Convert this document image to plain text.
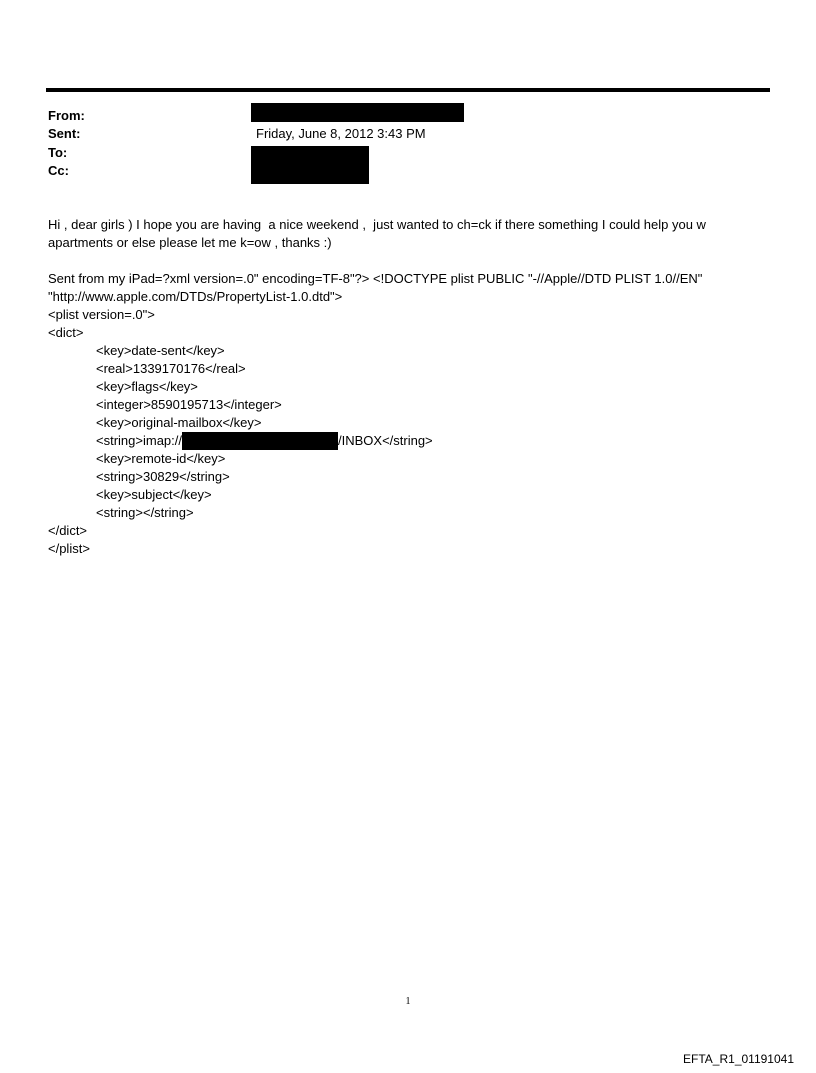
From:
Sent:	Friday, June 8, 2012 3:43 PM
To:
Cc:
Hi , dear girls ) I hope you are having  a nice weekend ,  just wanted to ch=ck if there something I could help you w
apartments or else please let me k=ow , thanks :)
Sent from my iPad=?xml version=.0" encoding=TF-8"?> <!DOCTYPE plist PUBLIC "-//Apple//DTD PLIST 1.0//EN"
"http://www.apple.com/DTDs/PropertyList-1.0.dtd">
<plist version=.0">
<dict>
<key>date-sent</key>
<real>1339170176</real>
<key>flags</key>
<integer>8590195713</integer>
<key>original-mailbox</key>
<string>imap://	/INBOX</string>
<key>remote-id</key>
<string>30829</string>
<key>subject</key>
<string></string>
</dict>
</plist>
1
EFTA_R1_01191041
